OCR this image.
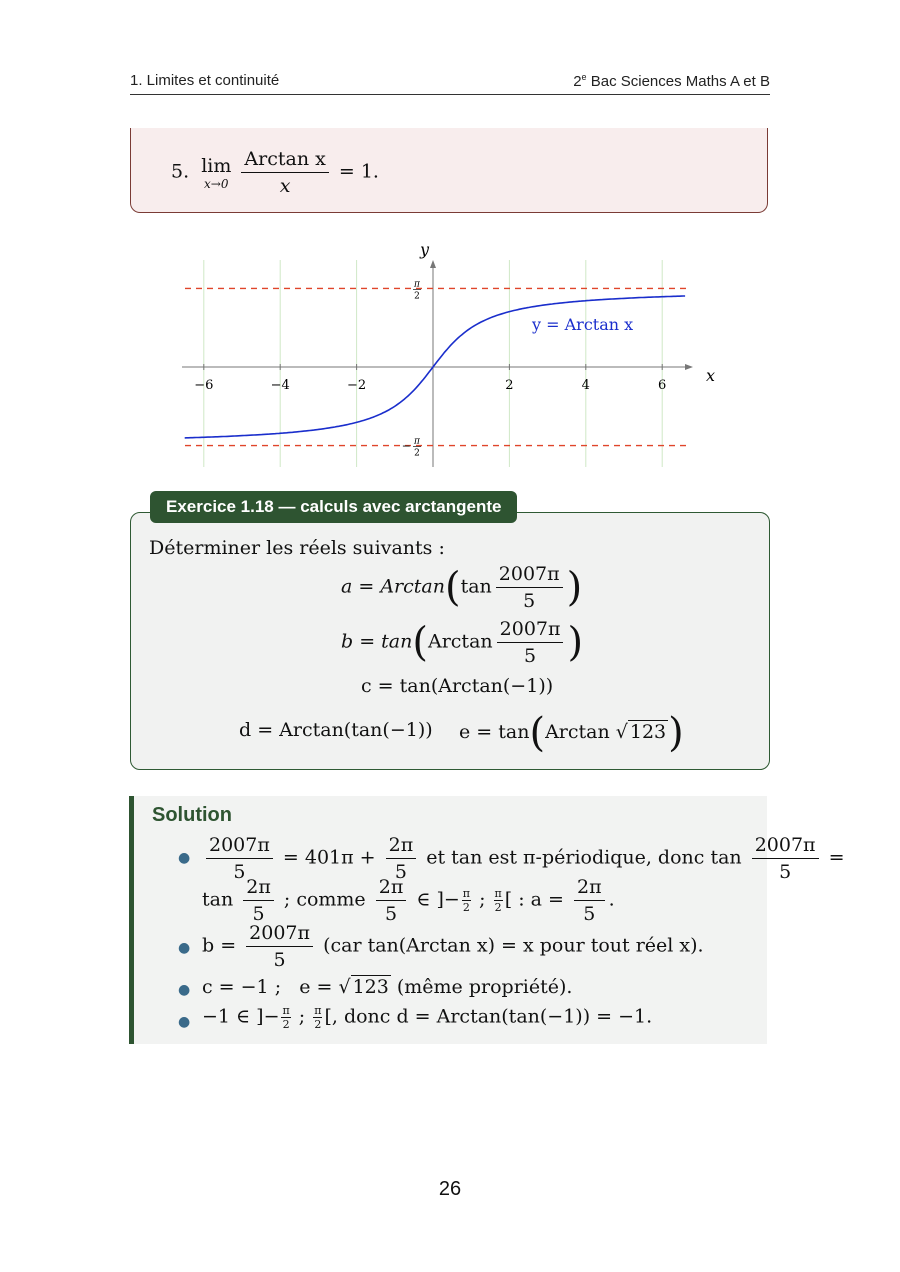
1. Limites et continuité	2e Bac Sciences Maths A et B
5. lim
x→0
$\frac{\text{Arctan x}}{x} = 1$.
−6	−4	−2	2	4	6
π
2
− π
2
x
y
y = Arctan x
Déterminer les réels suivants :
$a = Arctan(\tan \frac{2007\pi}{5}$ )
$b = \tan(Arctan \frac{2007\pi}{5}$ )
c = tan(Arctan(−1))
d = Arctan(tan(−1)) e = tan(Arctan √ 123)
Exercice 1.18 — calculs avec arctangente
Solution
● $\frac{2007\pi}{5} = 401\pi + \frac{2\pi}{5}$ et tan est π-périodique, donc $\tan \frac{2007\pi}{5}$ =
$\tan \frac{2\pi}{5}$ ; comme $\frac{2\pi}{5}$ ∈ ]− $\frac{\pi}{2}$ ; $\frac{\pi}{2}$ [ : $a = \frac{2\pi}{5}$ .
● $b = \frac{2007\pi}{5} (car$ tan(Arctan x) = x pour tout réel x).
● c = −1 ;   e = √ 123 (même propriété).
● −1 ∈ ]− $\frac{\pi}{2}$ ; $\frac{\pi}{2}$ [, donc d = Arctan(tan(−1)) = −1.
26
